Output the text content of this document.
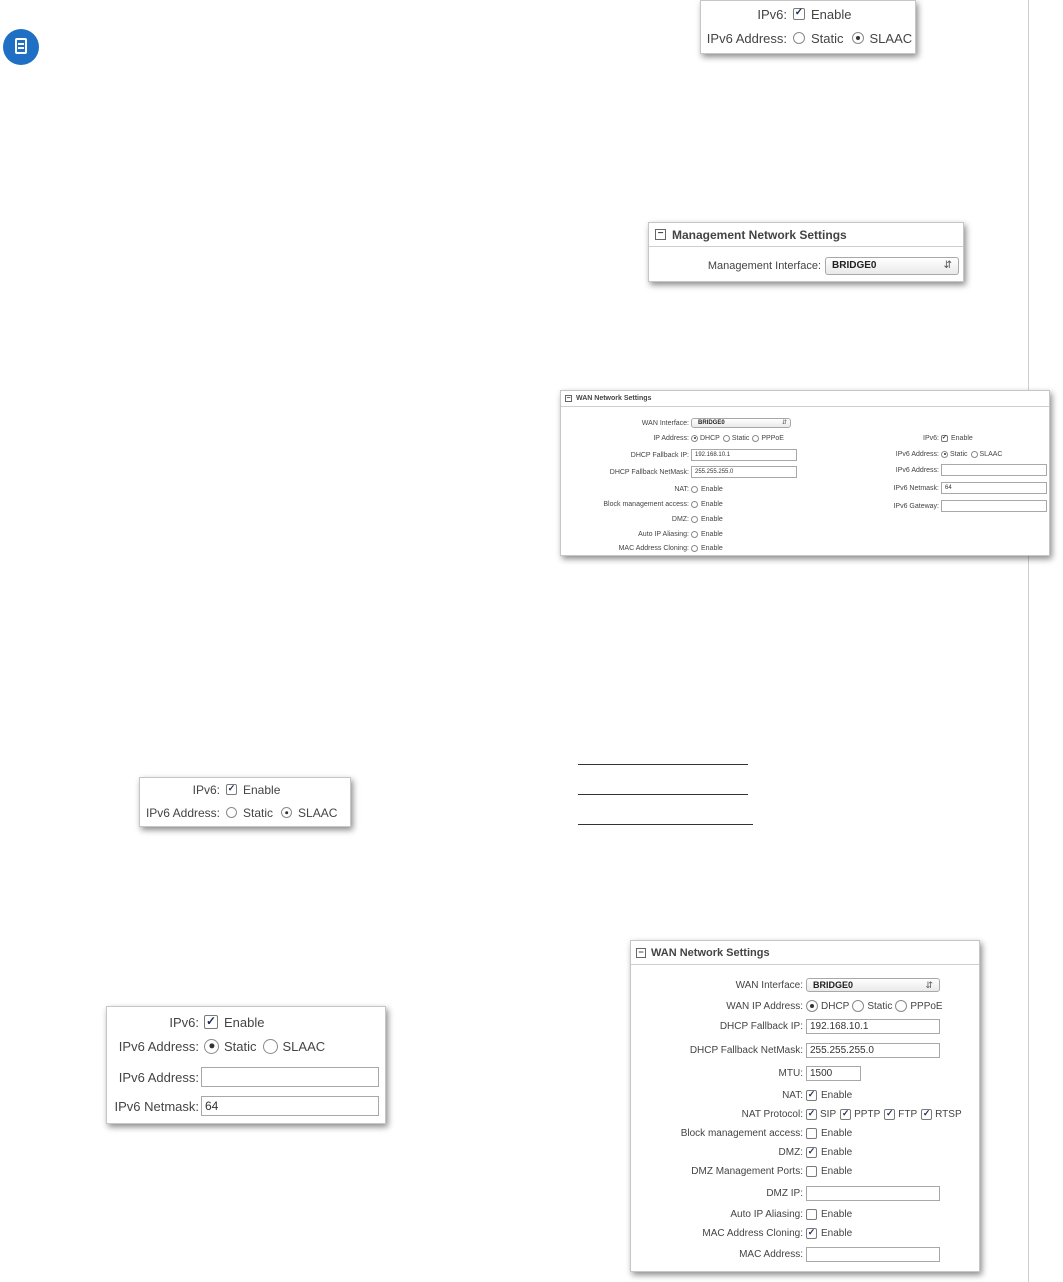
IPv6: ✓ Enable
IPv6 Address: Static SLAAC
− Management Network Settings
Management Interface:	BRIDGE0	⇵
− WAN Network Settings
WAN Interface:	BRIDGE0	⇵
IP Address: DHCP Static PPPoE
DHCP Fallback IP:	192.168.10.1
DHCP Fallback NetMask:	255.255.255.0
NAT: Enable
Block management access: Enable
DMZ: Enable
Auto IP Aliasing: Enable
MAC Address Cloning: Enable
IPv6: ✓ Enable
IPv6 Address: Static SLAAC
IPv6 Address:
IPv6 Netmask:	64
IPv6 Gateway:
IPv6: ✓ Enable
IPv6 Address: Static SLAAC
IPv6: ✓ Enable
IPv6 Address: Static SLAAC
IPv6 Address:
IPv6 Netmask: 64
− WAN Network Settings
WAN Interface:	BRIDGE0	⇵
WAN IP Address: DHCP Static PPPoE
DHCP Fallback IP: 192.168.10.1
DHCP Fallback NetMask: 255.255.255.0
MTU: 1500
NAT: ✓ Enable
NAT Protocol: ✓ SIP ✓ PPTP ✓ FTP ✓ RTSP
Block management access: Enable
DMZ: ✓ Enable
DMZ Management Ports: Enable
DMZ IP:
Auto IP Aliasing: Enable
MAC Address Cloning: ✓ Enable
MAC Address:
